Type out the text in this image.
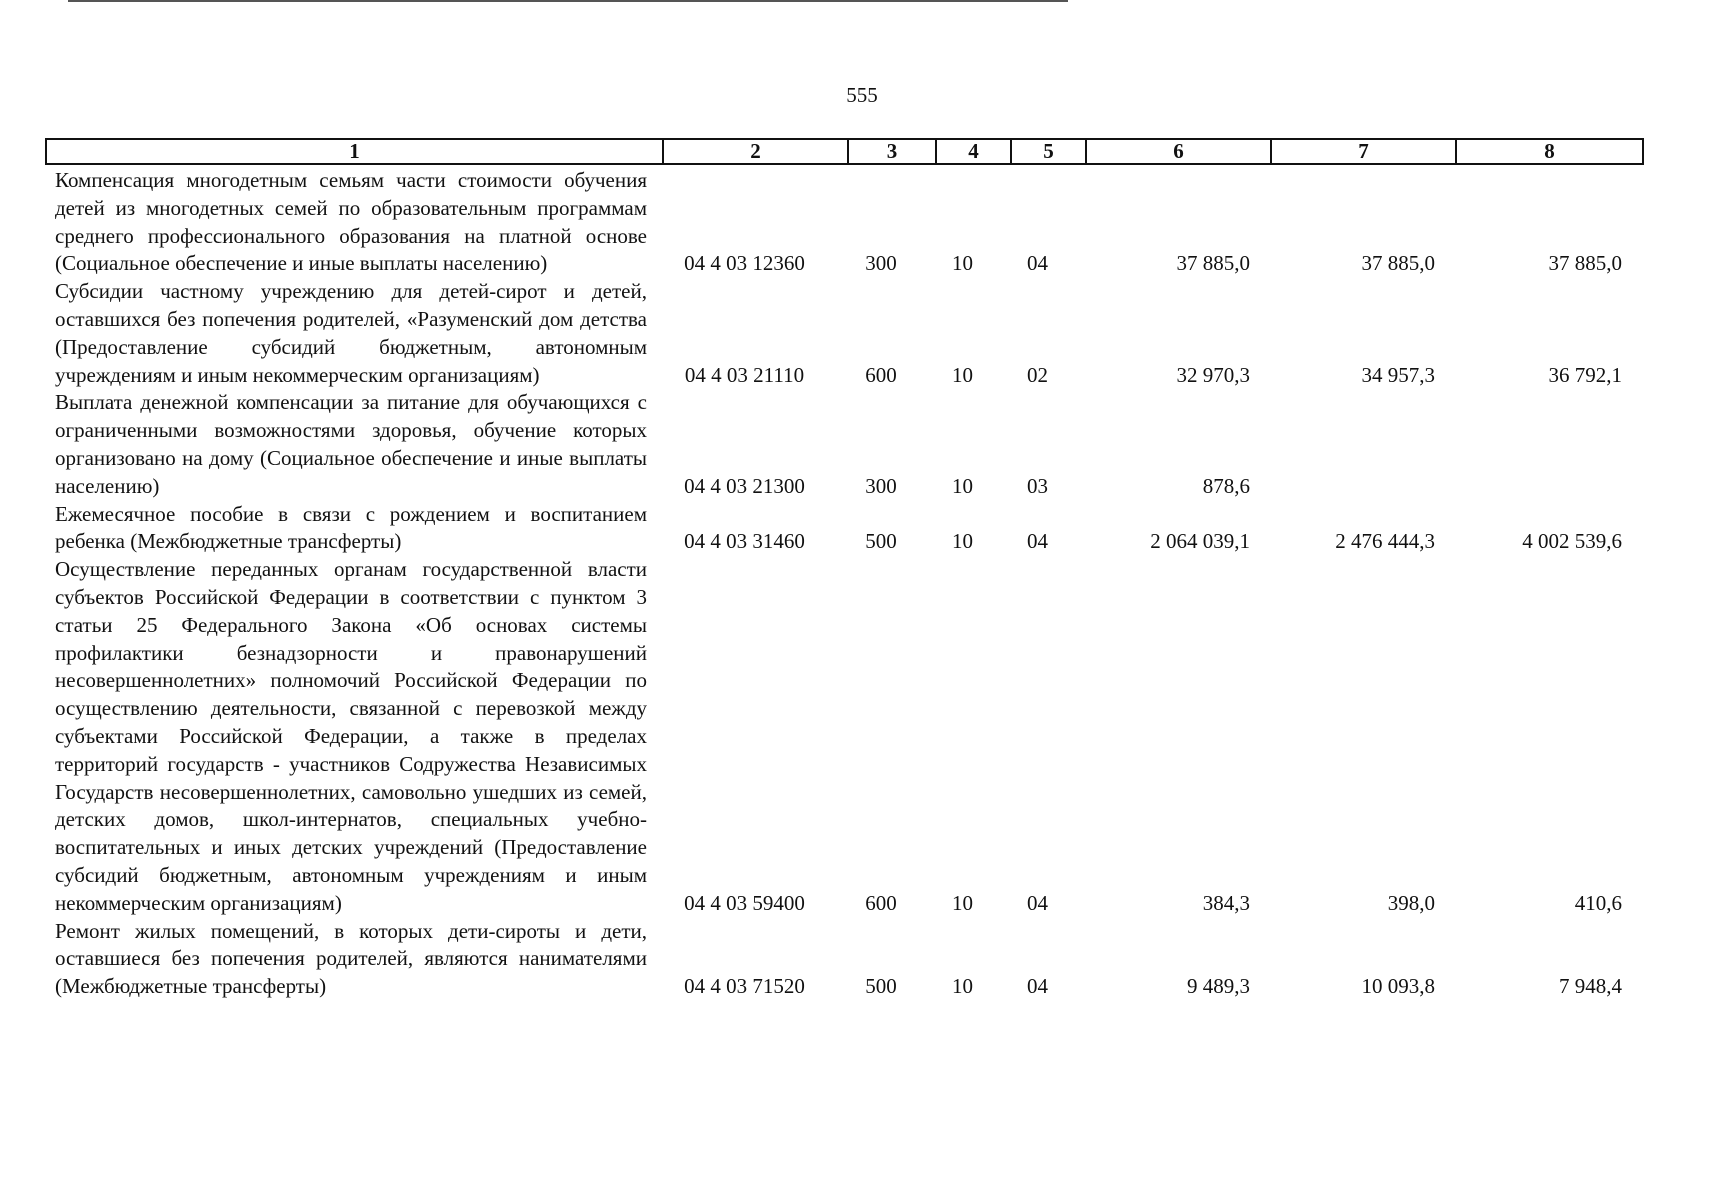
555
1	2	3	4	5	6	7	8
Компенсация многодетным семьям части стоимости обучения детей из многодетных семей по образовательным программам среднего профессионального образования на платной основе (Социальное обеспечение и иные выплаты населению)	04 4 03 12360	300	10	04	37 885,0	37 885,0	37 885,0
Субсидии частному учреждению для детей-сирот и детей, оставшихся без попечения родителей, «Разуменский дом детства (Предоставление субсидий бюджетным, автономным учреждениям и иным некоммерческим организациям)	04 4 03 21110	600	10	02	32 970,3	34 957,3	36 792,1
Выплата денежной компенсации за питание для обучающихся с ограниченными возможностями здоровья, обучение которых организовано на дому (Социальное обеспечение и иные выплаты населению)	04 4 03 21300	300	10	03	878,6
Ежемесячное пособие в связи с рождением и воспитанием ребенка (Межбюджетные трансферты)	04 4 03 31460	500	10	04	2 064 039,1	2 476 444,3	4 002 539,6
Осуществление переданных органам государственной власти субъектов Российской Федерации в соответствии с пунктом 3 статьи 25 Федерального Закона «Об основах системы профилактики безнадзорности и правонарушений несовершеннолетних» полномочий Российской Федерации по осуществлению деятельности, связанной с перевозкой между субъектами Российской Федерации, а также в пределах территорий государств - участников Содружества Независимых Государств несовершеннолетних, самовольно ушедших из семей, детских домов, школ-интернатов, специальных учебно-воспитательных и иных детских учреждений (Предоставление субсидий бюджетным, автономным учреждениям и иным некоммерческим организациям)	04 4 03 59400	600	10	04	384,3	398,0	410,6
Ремонт жилых помещений, в которых дети-сироты и дети, оставшиеся без попечения родителей, являются нанимателями (Межбюджетные трансферты)	04 4 03 71520	500	10	04	9 489,3	10 093,8	7 948,4
